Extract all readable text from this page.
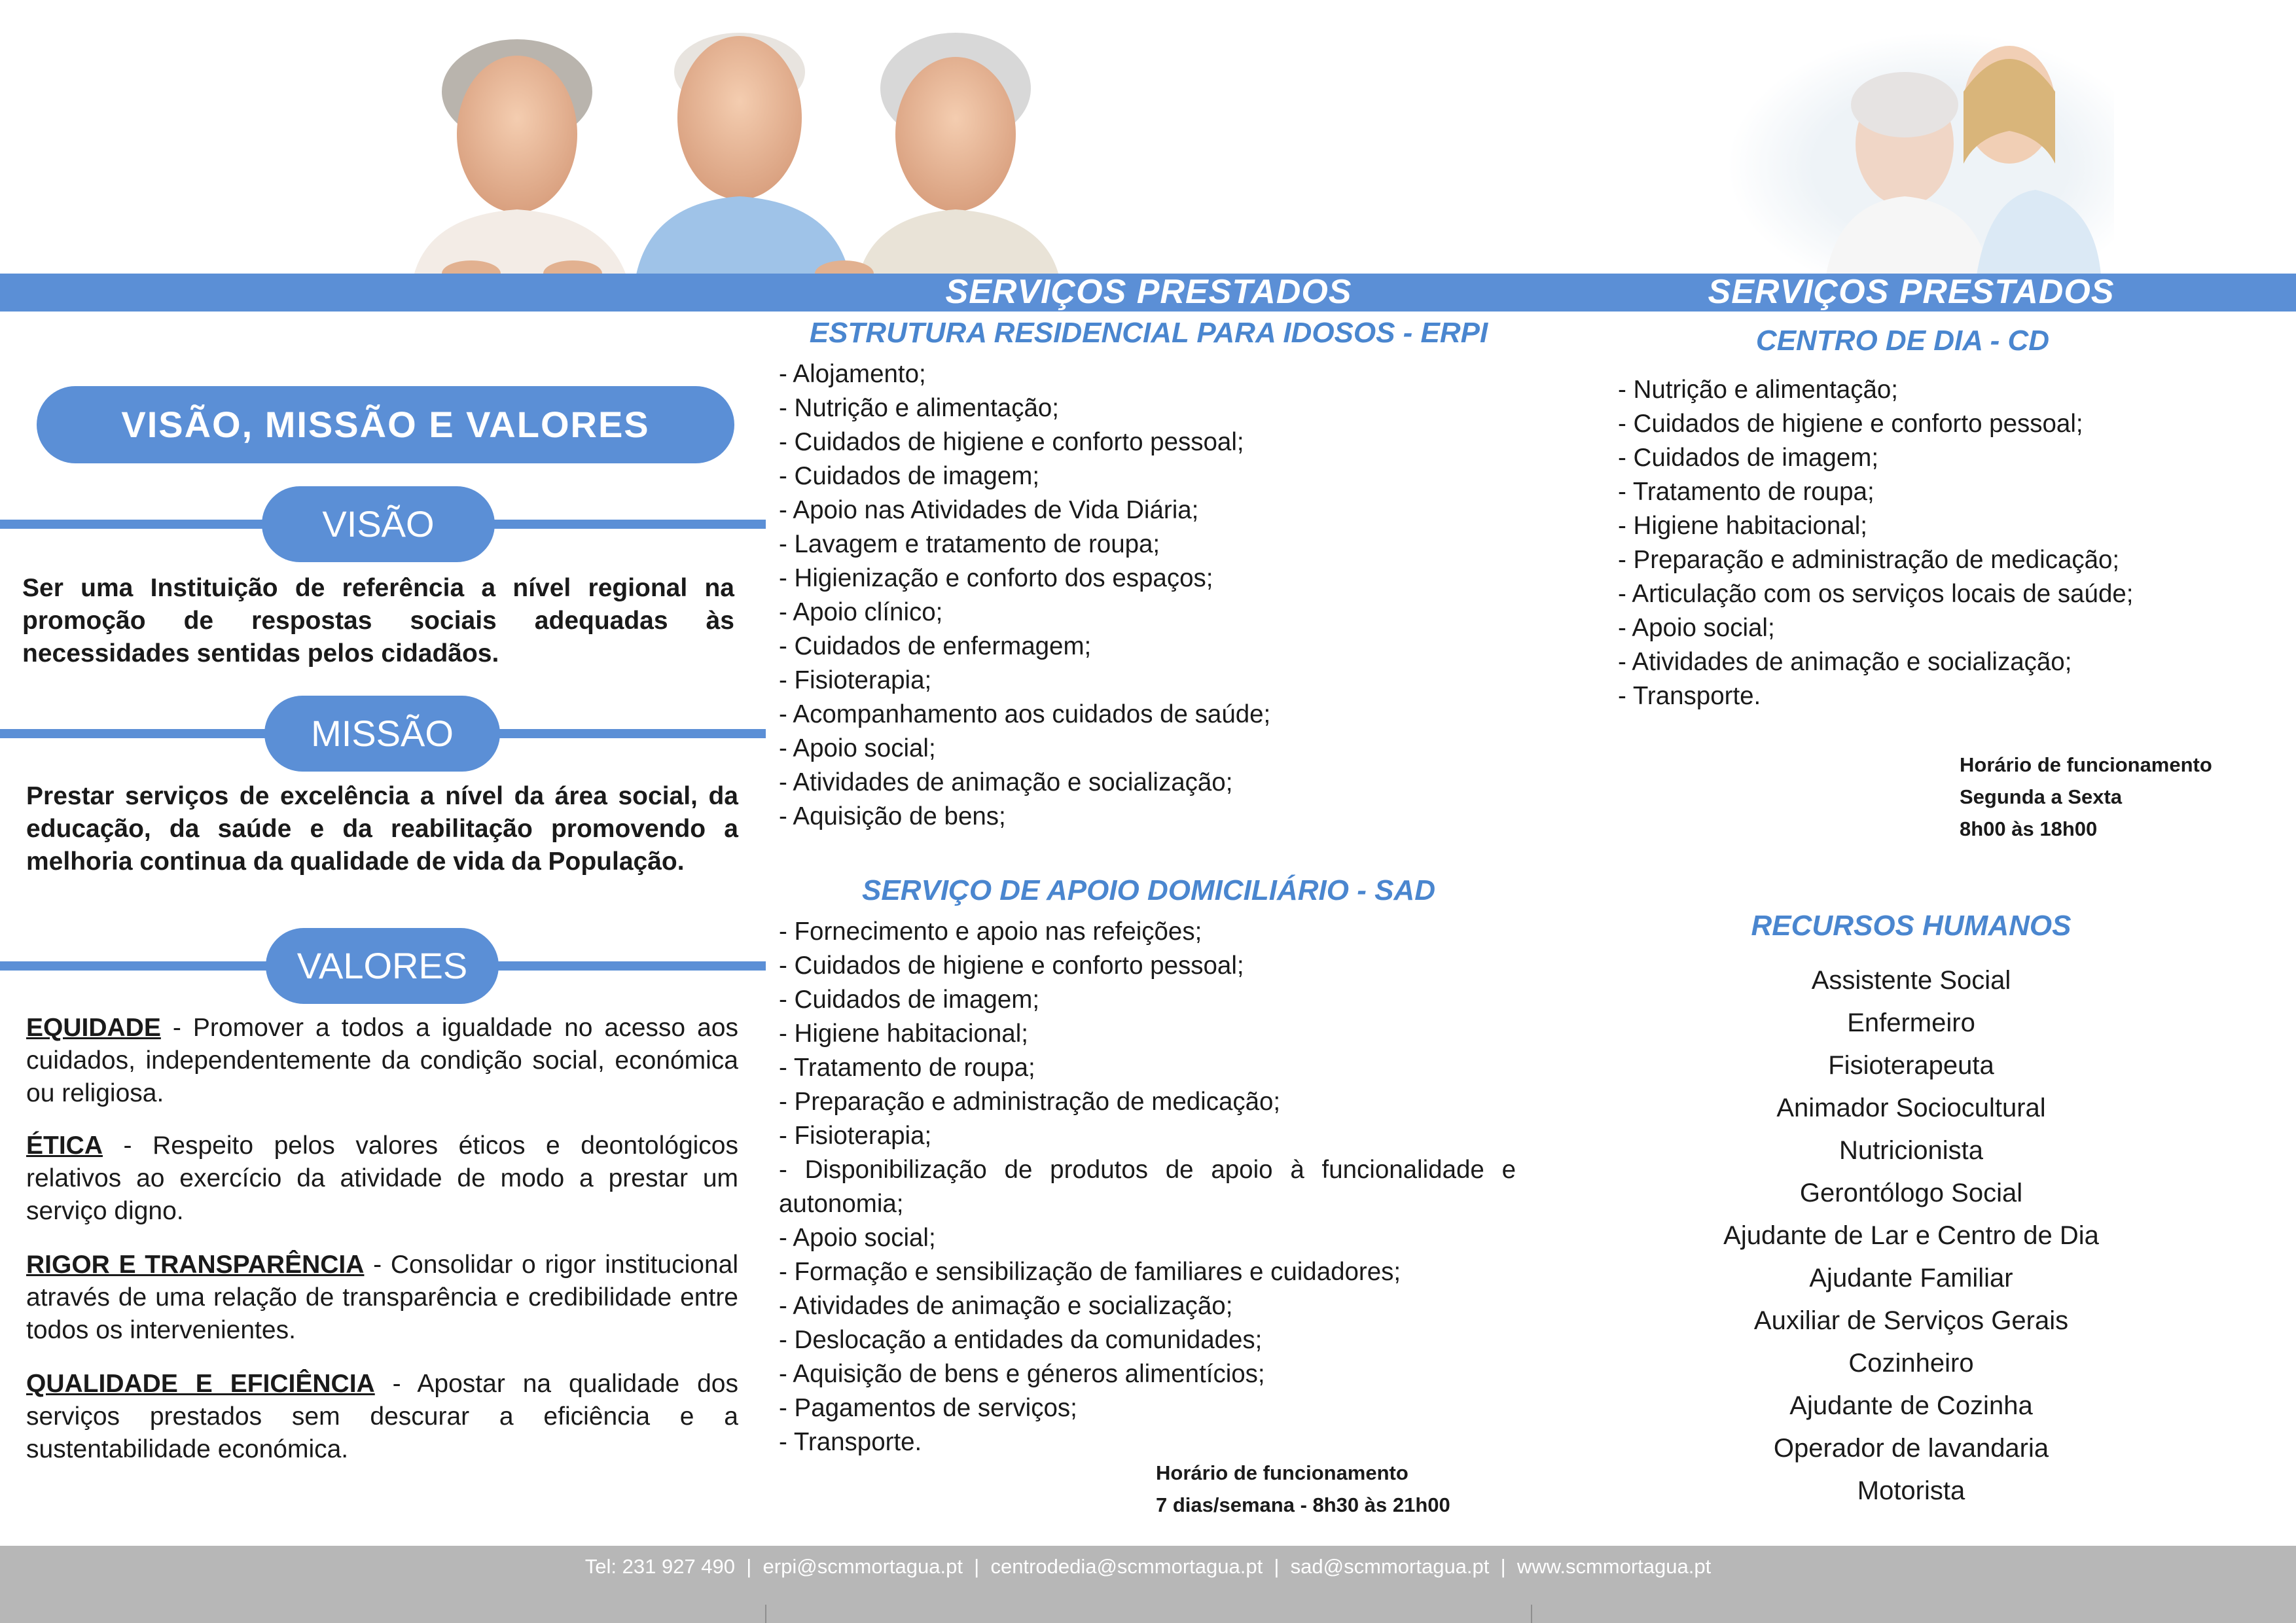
SERVIÇOS PRESTADOS	SERVIÇOS PRESTADOS
VISÃO, MISSÃO E VALORES
VISÃO
Ser uma Instituição de referência a nível regional na promoção de respostas sociais adequadas às necessidades sentidas pelos cidadãos.
MISSÃO
Prestar serviços de excelência a nível da área social, da educação, da saúde e da reabilitação promovendo a melhoria continua da qualidade de vida da População.
VALORES
EQUIDADE - Promover a todos a igualdade no acesso aos cuidados, independentemente da condição social, económica ou religiosa.
ÉTICA - Respeito pelos valores éticos e deontológicos relativos ao exercício da atividade de modo a prestar um serviço digno.
RIGOR E TRANSPARÊNCIA - Consolidar o rigor institucional através de uma relação de transparência e credibilidade entre todos os intervenientes.
QUALIDADE E EFICIÊNCIA - Apostar na qualidade dos serviços prestados sem descurar a eficiência e a sustentabilidade económica.
ESTRUTURA RESIDENCIAL PARA IDOSOS - ERPI
- Alojamento;
- Nutrição e alimentação;
- Cuidados de higiene e conforto pessoal;
- Cuidados de imagem;
- Apoio nas Atividades de Vida Diária;
- Lavagem e tratamento de roupa;
- Higienização e conforto dos espaços;
- Apoio clínico;
- Cuidados de enfermagem;
- Fisioterapia;
- Acompanhamento aos cuidados de saúde;
- Apoio social;
- Atividades de animação e socialização;
- Aquisição de bens;
SERVIÇO DE APOIO DOMICILIÁRIO - SAD
- Fornecimento e apoio nas refeições;
- Cuidados de higiene e conforto pessoal;
- Cuidados de imagem;
- Higiene habitacional;
- Tratamento de roupa;
- Preparação e administração de medicação;
- Fisioterapia;
- Disponibilização de produtos de apoio à funcionalidade e autonomia;
- Apoio social;
- Formação e sensibilização de familiares e cuidadores;
- Atividades de animação e socialização;
- Deslocação a entidades da comunidades;
- Aquisição de bens e géneros alimentícios;
- Pagamentos de serviços;
- Transporte.
Horário de funcionamento
7 dias/semana - 8h30 às 21h00
CENTRO DE DIA - CD
- Nutrição e alimentação;
- Cuidados de higiene e conforto pessoal;
- Cuidados de imagem;
- Tratamento de roupa;
- Higiene habitacional;
- Preparação e administração de medicação;
- Articulação com os serviços locais de saúde;
- Apoio social;
- Atividades de animação e socialização;
- Transporte.
Horário de funcionamento
Segunda a Sexta
8h00 às 18h00
RECURSOS HUMANOS
Assistente Social
Enfermeiro
Fisioterapeuta
Animador Sociocultural
Nutricionista
Gerontólogo Social
Ajudante de Lar e Centro de Dia
Ajudante Familiar
Auxiliar de Serviços Gerais
Cozinheiro
Ajudante de Cozinha
Operador de lavandaria
Motorista
Tel: 231 927 490  |  erpi@scmmortagua.pt  |  centrodedia@scmmortagua.pt  |  sad@scmmortagua.pt  |  www.scmmortagua.pt
